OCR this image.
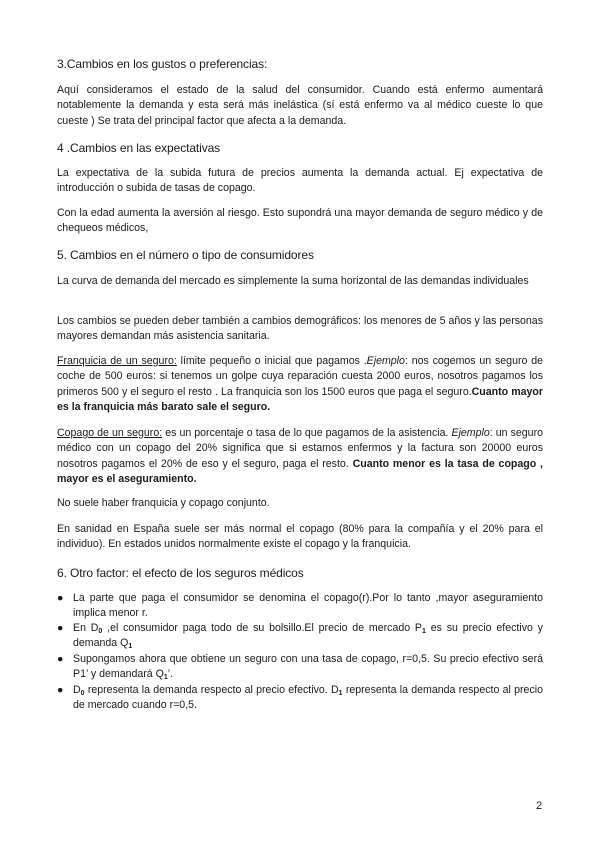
3.Cambios en los gustos o preferencias:

Aquí consideramos el estado de la salud del consumidor. Cuando está enfermo aumentará notablemente la demanda y esta será más inelástica (sí está enfermo va al médico cueste lo que cueste ) Se trata del principal factor que afecta a la demanda.

4 .Cambios en las expectativas

La expectativa de la subida futura de precios aumenta la demanda actual. Ej expectativa de introducción o subida de tasas de copago.

Con la edad aumenta la aversión al riesgo. Esto supondrá una mayor demanda de seguro médico y de chequeos médicos,

5. Cambios en el número o tipo de consumidores

La curva de demanda del mercado es simplemente la suma horizontal de las demandas individuales

Los cambios se pueden deber también a cambios demográficos: los menores de 5 años y las personas mayores demandan más asistencia sanitaria.

Franquicia de un seguro: límite pequeño o inicial que pagamos .Ejemplo: nos cogemos un seguro de coche de 500 euros: si tenemos un golpe cuya reparación cuesta 2000 euros, nosotros pagamos los primeros 500 y el seguro el resto . La franquicia son los 1500 euros que paga el seguro.Cuanto mayor es la franquicia más barato sale el seguro.

Copago de un seguro: es un porcentaje o tasa de lo que pagamos de la asistencia. Ejemplo: un seguro médico con un copago del 20% significa que si estamos enfermos y la factura son 20000 euros nosotros pagamos el 20% de eso y el seguro, paga el resto. Cuanto menor es la tasa de copago , mayor es el aseguramiento.

No suele haber franquicia y copago conjunto.

En sanidad en España suele ser más normal el copago (80% para la compañía y el 20% para el individuo). En estados unidos normalmente existe el copago y la franquicia.

6. Otro factor: el efecto de los seguros médicos
● La parte que paga el consumidor se denomina el copago(r).Por lo tanto ,mayor aseguramiento implica menor r.
● En $D_0$ ,el consumidor paga todo de su bolsillo.El precio de mercado $P_1$ es su precio efectivo y demanda $Q_1$
● Supongamos ahora que obtiene un seguro con una tasa de copago, r=0,5. Su precio efectivo será P1’ y demandará $Q_1$’.
● $D_0$ representa la demanda respecto al precio efectivo. $D_1$ representa la demanda respecto al precio de mercado cuando r=0,5.
2
